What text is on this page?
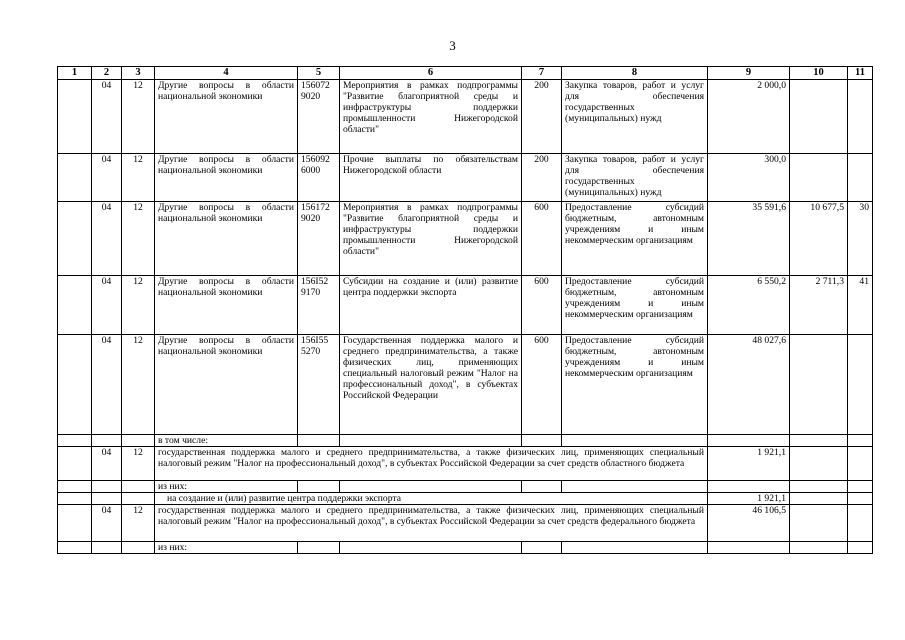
3
1	2	3	4	5	6	7	8	9	10	11
	04	12	Другие вопросы в области национальной экономики	156072 9020	Мероприятия в рамках подпрограммы "Развитие благоприятной среды и инфраструктуры поддержки промышленности Нижегородской области"	200	Закупка товаров, работ и услуг для обеспечения государственных (муниципальных) нужд	2 000,0		
	04	12	Другие вопросы в области национальной экономики	156092 6000	Прочие выплаты по обязательствам Нижегородской области	200	Закупка товаров, работ и услуг для обеспечения государственных (муниципальных) нужд	300,0		
	04	12	Другие вопросы в области национальной экономики	156172 9020	Мероприятия в рамках подпрограммы "Развитие благоприятной среды и инфраструктуры поддержки промышленности Нижегородской области"	600	Предоставление субсидий бюджетным, автономным учреждениям и иным некоммерческим организациям	35 591,6	10 677,5	30
	04	12	Другие вопросы в области национальной экономики	156I52 9170	Субсидии на создание и (или) развитие центра поддержки экспорта	600	Предоставление субсидий бюджетным, автономным учреждениям и иным некоммерческим организациям	6 550,2	2 711,3	41
	04	12	Другие вопросы в области национальной экономики	156I55 5270	Государственная поддержка малого и среднего предпринимательства, а также физических лиц, применяющих специальный налоговый режим "Налог на профессиональный доход", в субъектах Российской Федерации	600	Предоставление субсидий бюджетным, автономным учреждениям и иным некоммерческим организациям	48 027,6		
			в том числе:							
	04	12	государственная поддержка малого и среднего предпринимательства, а также физических лиц, применяющих специальный налоговый режим "Налог на профессиональный доход", в субъектах Российской Федерации за счет средств областного бюджета					1 921,1		
			из них:							
			на создание и (или) развитие центра поддержки экспорта					1 921,1		
	04	12	государственная поддержка малого и среднего предпринимательства, а также физических лиц, применяющих специальный налоговый режим "Налог на профессиональный доход", в субъектах Российской Федерации за счет средств федерального бюджета					46 106,5		
			из них:							
